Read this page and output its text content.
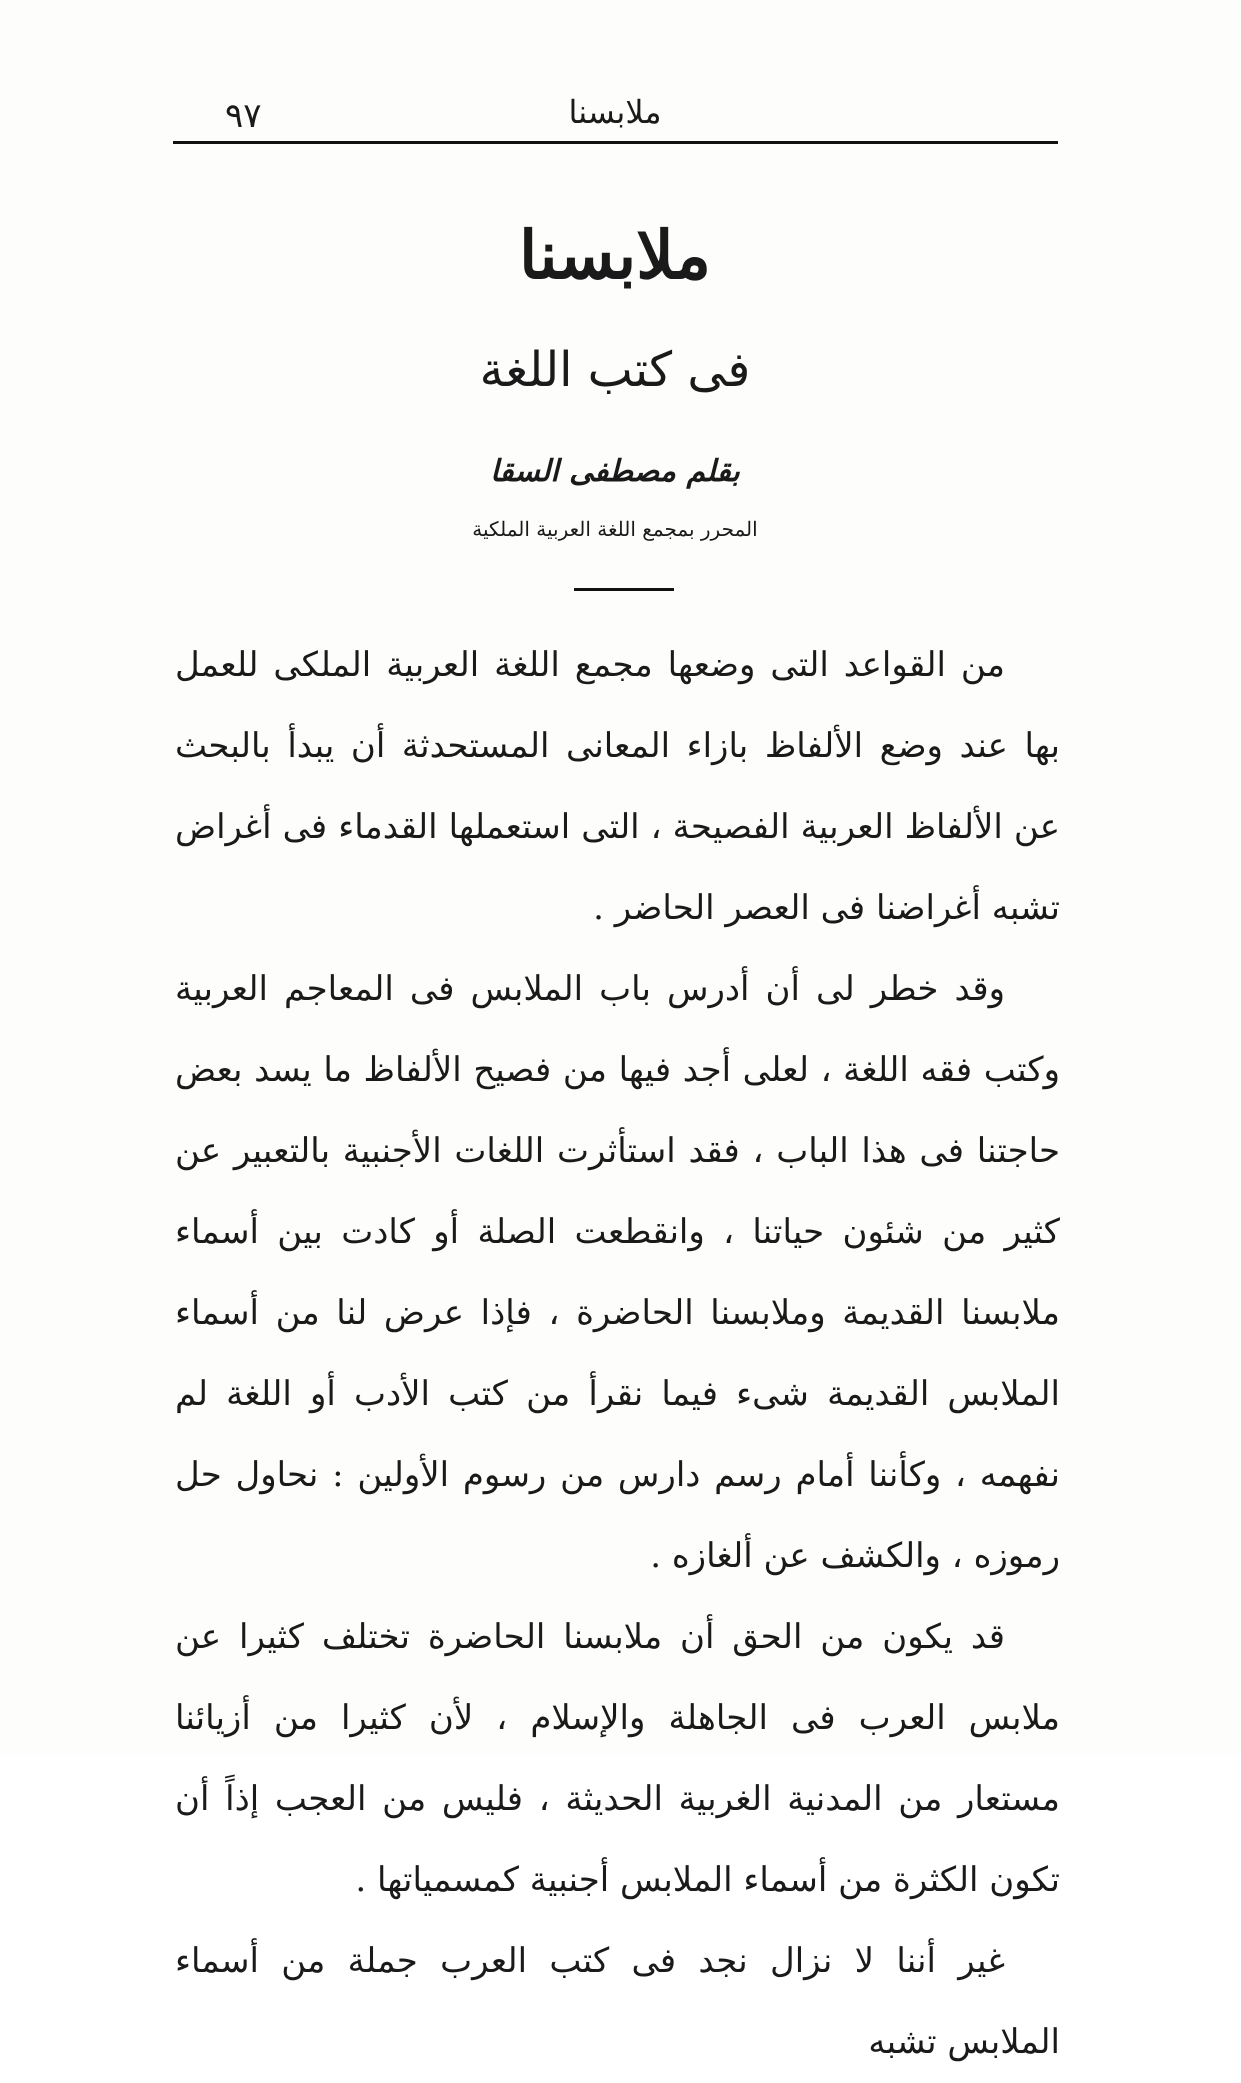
٩٧	ملابسنا
ملابسنا
فى كتب اللغة
بقلم مصطفى السقا
المحرر بمجمع اللغة العربية الملكية

من القواعد التى وضعها مجمع اللغة العربية الملكى للعمل بها عند وضع الألفاظ بازاء المعانى المستحدثة أن يبدأ بالبحث عن الألفاظ العربية الفصيحة ، التى استعملها القدماء فى أغراض تشبه أغراضنا فى العصر الحاضر .

وقد خطر لى أن أدرس باب الملابس فى المعاجم العربية وكتب فقه اللغة ، لعلى أجد فيها من فصيح الألفاظ ما يسد بعض حاجتنا فى هذا الباب ، فقد استأثرت اللغات الأجنبية بالتعبير عن كثير من شئون حياتنا ، وانقطعت الصلة أو كادت بين أسماء ملابسنا القديمة وملابسنا الحاضرة ، فإذا عرض لنا من أسماء الملابس القديمة شىء فيما نقرأ من كتب الأدب أو اللغة لم نفهمه ، وكأننا أمام رسم دارس من رسوم الأولين : نحاول حل رموزه ، والكشف عن ألغازه .

قد يكون من الحق أن ملابسنا الحاضرة تختلف كثيرا عن ملابس العرب فى الجاهلة والإسلام ، لأن كثيرا من أزيائنا مستعار من المدنية الغربية الحديثة ، فليس من العجب إذاً أن تكون الكثرة من أسماء الملابس أجنبية كمسمياتها .

غير أننا لا نزال نجد فى كتب العرب جملة من أسماء الملابس تشبه
